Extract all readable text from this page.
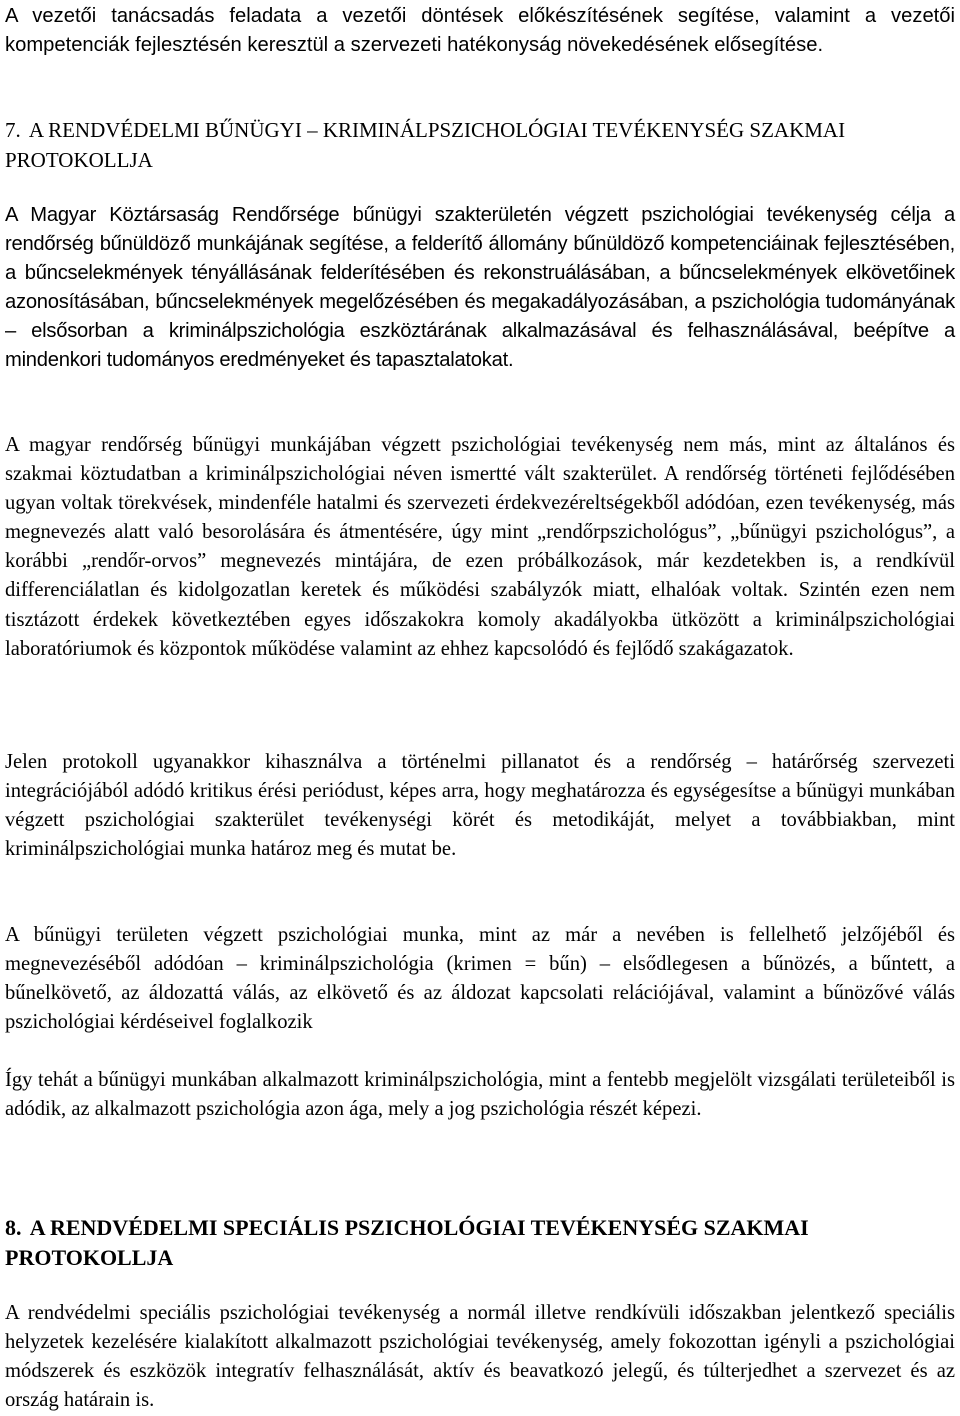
A vezetői tanácsadás feladata a vezetői döntések előkészítésének segítése, valamint a vezetői kompetenciák fejlesztésén keresztül a szervezeti hatékonyság növekedésének elősegítése.

7. A RENDVÉDELMI BŰNÜGYI – KRIMINÁLPSZICHOLÓGIAI TEVÉKENYSÉG SZAKMAI PROTOKOLLJA

A Magyar Köztársaság Rendőrsége bűnügyi szakterületén végzett pszichológiai tevékenység célja a rendőrség bűnüldöző munkájának segítése, a felderítő állomány bűnüldöző kompetenciáinak fejlesztésében, a bűncselekmények tényállásának felderítésében és rekonstruálásában, a bűncselekmények elkövetőinek azonosításában, bűncselekmények megelőzésében és megakadályozásában, a pszichológia tudományának – elsősorban a kriminálpszichológia eszköztárának alkalmazásával és felhasználásával, beépítve a mindenkori tudományos eredményeket és tapasztalatokat.

A magyar rendőrség bűnügyi munkájában végzett pszichológiai tevékenység nem más, mint az általános és szakmai köztudatban a kriminálpszichológiai néven ismertté vált szakterület. A rendőrség történeti fejlődésében ugyan voltak törekvések, mindenféle hatalmi és szervezeti érdekvezéreltségekből adódóan, ezen tevékenység, más megnevezés alatt való besorolására és átmentésére, úgy mint „rendőrpszichológus”, „bűnügyi pszichológus”, a korábbi „rendőr-orvos” megnevezés mintájára, de ezen próbálkozások, már kezdetekben is, a rendkívül differenciálatlan és kidolgozatlan keretek és működési szabályzók miatt, elhalóak voltak. Szintén ezen nem tisztázott érdekek következtében egyes időszakokra komoly akadályokba ütközött a kriminálpszichológiai laboratóriumok és központok működése valamint az ehhez kapcsolódó és fejlődő szakágazatok.

Jelen protokoll ugyanakkor kihasználva a történelmi pillanatot és a rendőrség – határőrség szervezeti integrációjából adódó kritikus érési periódust, képes arra, hogy meghatározza és egységesítse a bűnügyi munkában végzett pszichológiai szakterület tevékenységi körét és metodikáját, melyet a továbbiakban, mint kriminálpszichológiai munka határoz meg és mutat be.

A bűnügyi területen végzett pszichológiai munka, mint az már a nevében is fellelhető jelzőjéből és megnevezéséből adódóan – kriminálpszichológia (krimen = bűn) – elsődlegesen a bűnözés, a bűntett, a bűnelkövető, az áldozattá válás, az elkövető és az áldozat kapcsolati relációjával, valamint a bűnözővé válás pszichológiai kérdéseivel foglalkozik

Így tehát a bűnügyi munkában alkalmazott kriminálpszichológia, mint a fentebb megjelölt vizsgálati területeiből is adódik, az alkalmazott pszichológia azon ága, mely a jog pszichológia részét képezi.

8. A RENDVÉDELMI SPECIÁLIS PSZICHOLÓGIAI TEVÉKENYSÉG SZAKMAI PROTOKOLLJA

A rendvédelmi speciális pszichológiai tevékenység a normál illetve rendkívüli időszakban jelentkező speciális helyzetek kezelésére kialakított alkalmazott pszichológiai tevékenység, amely fokozottan igényli a pszichológiai módszerek és eszközök integratív felhasználását, aktív és beavatkozó jelegű, és túlterjedhet a szervezet és az ország határain is.
